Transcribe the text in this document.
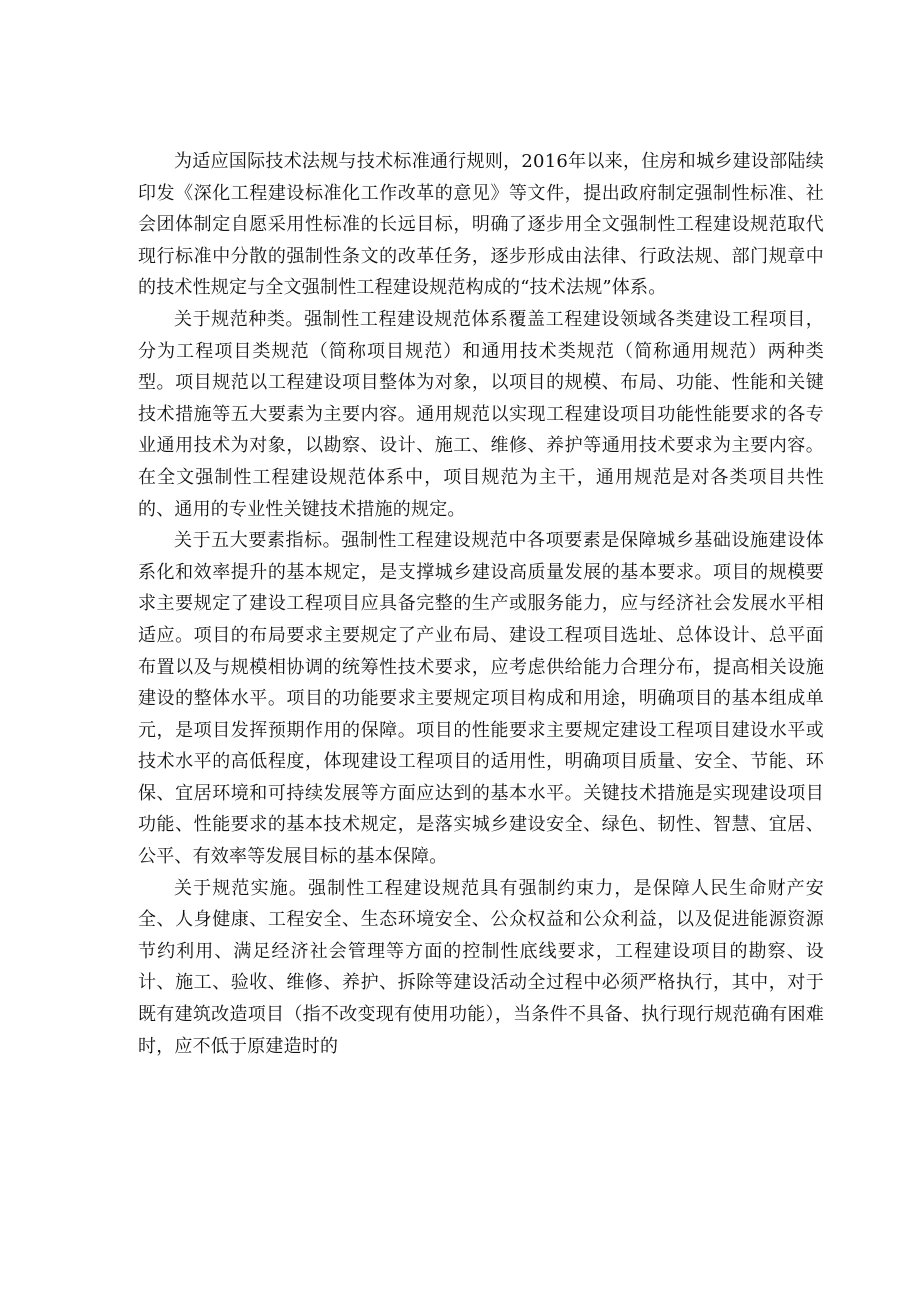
为适应国际技术法规与技术标准通行规则，2016年以来，住房和城乡建设部陆续印发《深化工程建设标准化工作改革的意见》等文件，提出政府制定强制性标准、社会团体制定自愿采用性标准的长远目标，明确了逐步用全文强制性工程建设规范取代现行标准中分散的强制性条文的改革任务，逐步形成由法律、行政法规、部门规章中的技术性规定与全文强制性工程建设规范构成的“技术法规”体系。

关于规范种类。强制性工程建设规范体系覆盖工程建设领域各类建设工程项目，分为工程项目类规范（简称项目规范）和通用技术类规范（简称通用规范）两种类型。项目规范以工程建设项目整体为对象，以项目的规模、布局、功能、性能和关键技术措施等五大要素为主要内容。通用规范以实现工程建设项目功能性能要求的各专业通用技术为对象，以勘察、设计、施工、维修、养护等通用技术要求为主要内容。在全文强制性工程建设规范体系中，项目规范为主干，通用规范是对各类项目共性的、通用的专业性关键技术措施的规定。

关于五大要素指标。强制性工程建设规范中各项要素是保障城乡基础设施建设体系化和效率提升的基本规定，是支撑城乡建设高质量发展的基本要求。项目的规模要求主要规定了建设工程项目应具备完整的生产或服务能力，应与经济社会发展水平相适应。项目的布局要求主要规定了产业布局、建设工程项目选址、总体设计、总平面布置以及与规模相协调的统筹性技术要求，应考虑供给能力合理分布，提高相关设施建设的整体水平。项目的功能要求主要规定项目构成和用途，明确项目的基本组成单元，是项目发挥预期作用的保障。项目的性能要求主要规定建设工程项目建设水平或技术水平的高低程度，体现建设工程项目的适用性，明确项目质量、安全、节能、环保、宜居环境和可持续发展等方面应达到的基本水平。关键技术措施是实现建设项目功能、性能要求的基本技术规定，是落实城乡建设安全、绿色、韧性、智慧、宜居、公平、有效率等发展目标的基本保障。

关于规范实施。强制性工程建设规范具有强制约束力，是保障人民生命财产安全、人身健康、工程安全、生态环境安全、公众权益和公众利益，以及促进能源资源节约利用、满足经济社会管理等方面的控制性底线要求，工程建设项目的勘察、设计、施工、验收、维修、养护、拆除等建设活动全过程中必须严格执行，其中，对于既有建筑改造项目（指不改变现有使用功能），当条件不具备、执行现行规范确有困难时，应不低于原建造时的
